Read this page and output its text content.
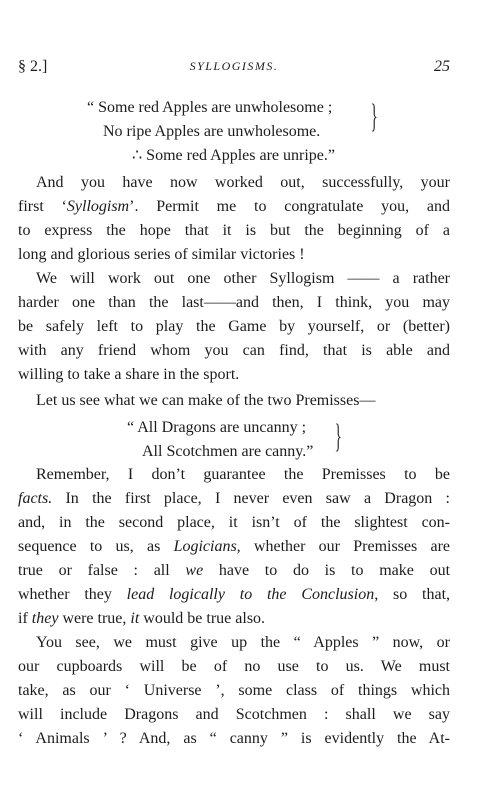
§ 2.]	SYLLOGISMS.	25
“ Some red Apples are unwholesome ;
No ripe Apples are unwholesome.
∴ Some red Apples are unripe.”
}
And you have now worked out, successfully, your
first ‘Syllogism’. Permit me to congratulate you, and
to express the hope that it is but the beginning of a
long and glorious series of similar victories !
We will work out one other Syllogism —— a rather
harder one than the last——and then, I think, you may
be safely left to play the Game by yourself, or (better)
with any friend whom you can find, that is able and
willing to take a share in the sport.
Let us see what we can make of the two Premisses—
“ All Dragons are uncanny ;
All Scotchmen are canny.” }
Remember, I don’t guarantee the Premisses to be
facts. In the first place, I never even saw a Dragon :
and, in the second place, it isn’t of the slightest con-
sequence to us, as Logicians, whether our Premisses are
true or false : all we have to do is to make out
whether they lead logically to the Conclusion, so that,
if they were true, it would be true also.
You see, we must give up the “ Apples ” now, or
our cupboards will be of no use to us. We must
take, as our ‘ Universe ’, some class of things which
will include Dragons and Scotchmen : shall we say
‘ Animals ’ ? And, as “ canny ” is evidently the At-
